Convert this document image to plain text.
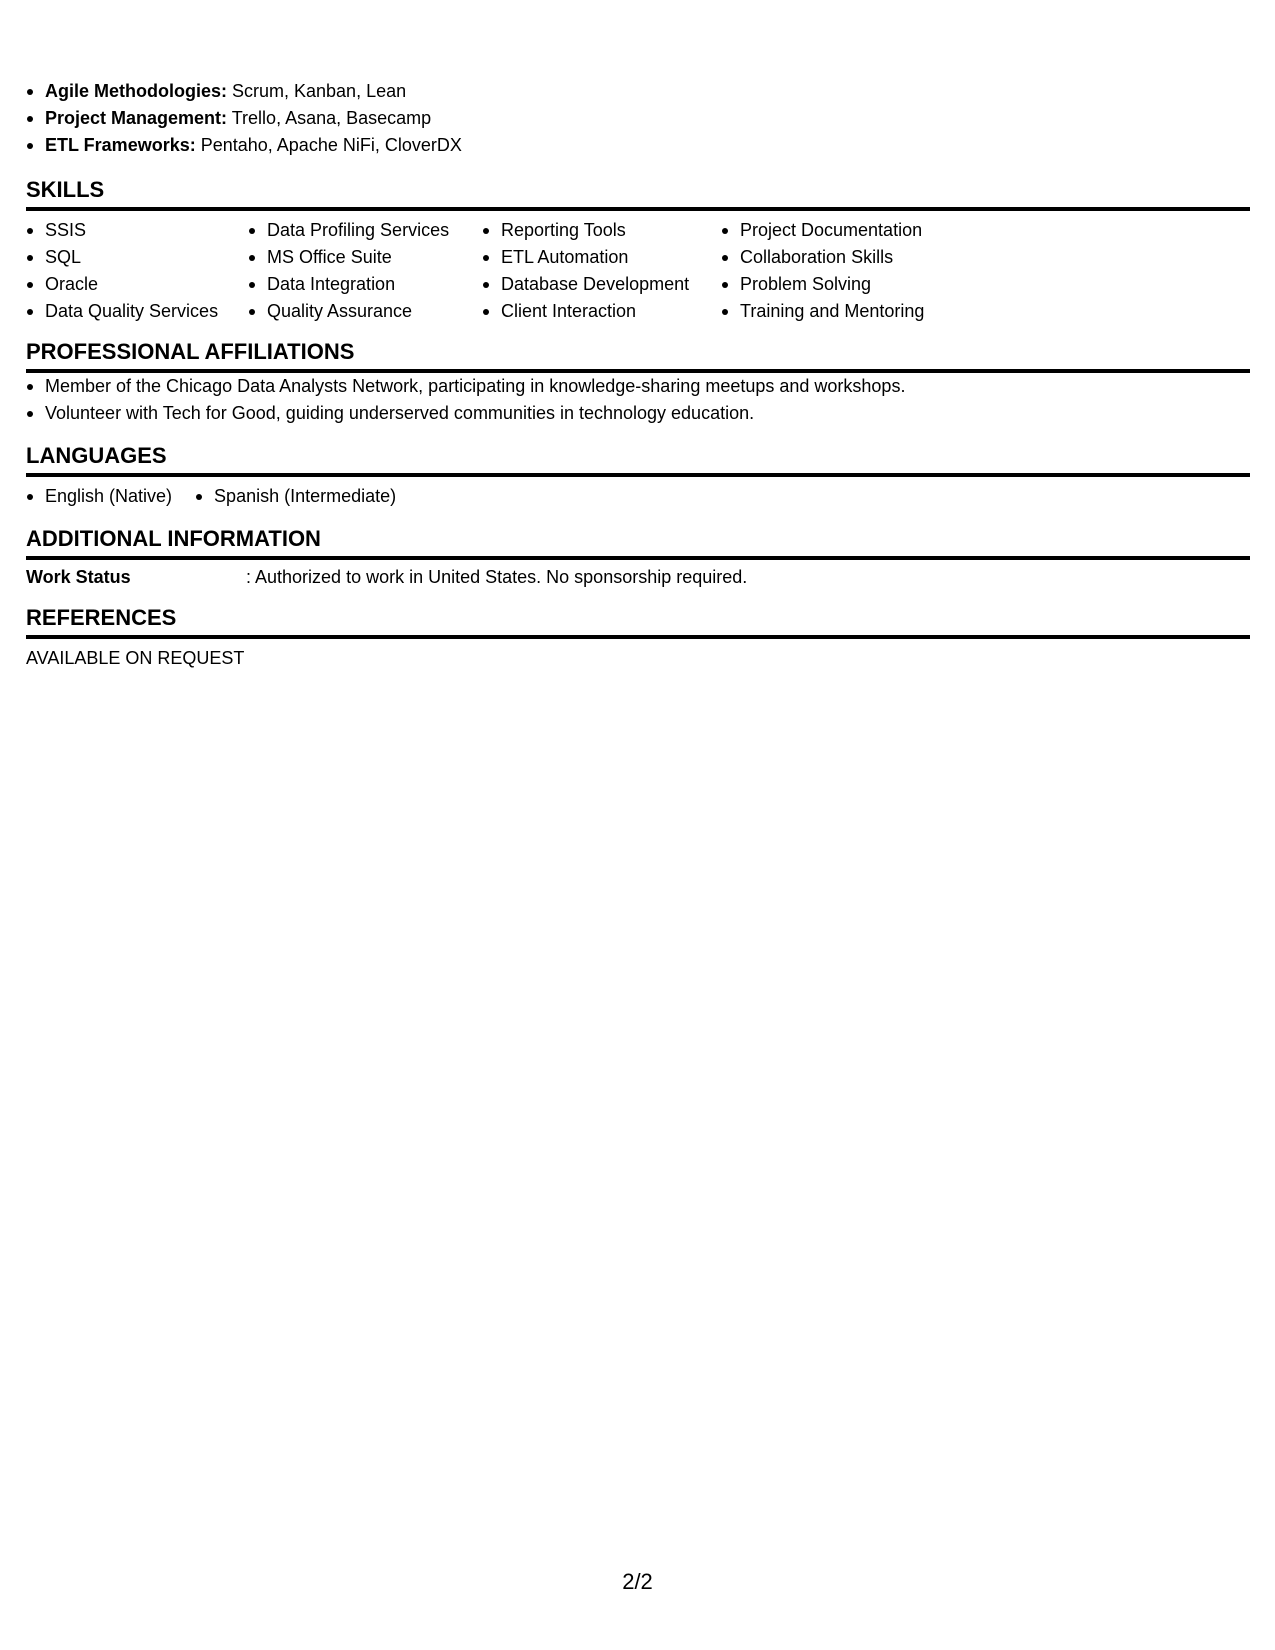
Agile Methodologies: Scrum, Kanban, Lean
Project Management: Trello, Asana, Basecamp
ETL Frameworks: Pentaho, Apache NiFi, CloverDX
SKILLS
SSIS
SQL
Oracle
Data Quality Services
Data Profiling Services
MS Office Suite
Data Integration
Quality Assurance
Reporting Tools
ETL Automation
Database Development
Client Interaction
Project Documentation
Collaboration Skills
Problem Solving
Training and Mentoring
PROFESSIONAL AFFILIATIONS
Member of the Chicago Data Analysts Network, participating in knowledge-sharing meetups and workshops.
Volunteer with Tech for Good, guiding underserved communities in technology education.
LANGUAGES
English (Native)	Spanish (Intermediate)
ADDITIONAL INFORMATION
Work Status	: Authorized to work in United States. No sponsorship required.
REFERENCES
AVAILABLE ON REQUEST
2/2
